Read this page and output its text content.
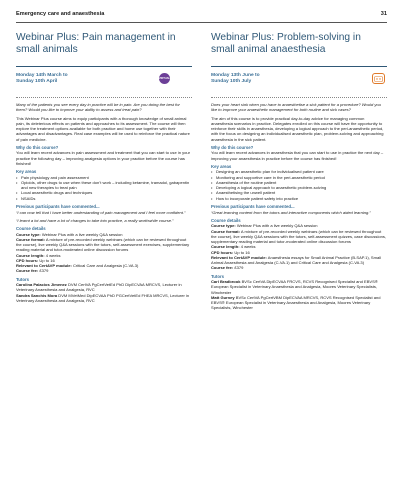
Emergency care and anaesthesia	31
Webinar Plus: Pain management in small animals
Monday 14th March to Sunday 10th April
VIRTUAL

Many of the patients you see every day in practice will be in pain. Are you doing the best for them? Would you like to improve your ability to assess and treat pain?

This Webinar Plus course aims to equip participants with a thorough knowledge of small animal pain, its deleterious effects on patients and approaches to its assessment. The course will then explore the treatment options available for both practice and home use together with their advantages and disadvantages. Real case examples will be used to reinforce the practical nature of pain medicine.

Why do this course?

You will learn recent advances in pain assessment and treatment that you can start to use in your practice the following day – improving analgesia options in your practice before the course has finished!

Key areas
• Pain physiology and pain assessment
• Opioids, other drugs to use when these don’t work – including ketamine, tramadol, gabapentin and new therapies to treat pain
• Local anaesthetic drugs and techniques
• NSAIDs
Previous participants have commented...

“I can now tell that I have better understanding of pain management and I feel more confident.”

“I learnt a lot and have a lot of changes to take into practice, a really worthwhile course.”

Course details

Course type: Webinar Plus with a live weekly Q&A session

Course format: A mixture of pre-recorded weekly webinars (which can be reviewed throughout the course), live weekly Q&A sessions with the tutors, self-assessment exercises, supplementary reading material and tutor-moderated online discussion forums

Course length: 4 weeks

CPD hours: Up to 16

Relevant to CertAVP module: Critical Care and Analgesia (C-VA.3)

Course fee: £379

Tutors

Carolina Palacios Jimenez DVM CertVA PgCertVetEd PhD DipECVAA MRCVS, Lecturer in Veterinary Anaesthesia and Analgesia, RVC

Sandra Sanchis Mora DVM MVetMed DipECVAA PhD PGCertVetEd FHEA MRCVS, Lecturer in Veterinary Anaesthesia and Analgesia, RVC

Webinar Plus: Problem-solving in small animal anaesthesia
Monday 13th June to Sunday 10th July

Does your heart sink when you have to anaesthetise a sick patient for a procedure? Would you like to improve your anaesthetic management for both routine and sick cases?

The aim of this course is to provide practical day-to-day advice for managing common anaesthesia scenarios in practice. Delegates enrolled on this course will have the opportunity to reinforce their skills in anaesthesia, developing a logical approach to the peri-anaesthetic period, with the focus on designing an individualised anaesthetic plan, problem-solving and approaching anaesthesia in the sick patient.

Why do this course?

You will learn recent advances in anaesthesia that you can start to use in practice the next day – improving your anaesthesia in practice before the course has finished!

Key areas
• Designing an anaesthetic plan for individualised patient care
• Monitoring and supportive care in the peri-anaesthetic period
• Anaesthesia of the routine patient
• Developing a logical approach to anaesthetic problem-solving
• Anaesthetising the unwell patient
• How to incorporate patient safety into practice
Previous participants have commented...

“Great learning content from the tutors and interactive components which aided learning.”

Course details

Course type: Webinar Plus with a live weekly Q&A session

Course format: A mixture of pre-recorded weekly webinars (which can be reviewed throughout the course), live weekly Q&A sessions with the tutors, self-assessment quizzes, case discussions, supplementary reading material and tutor-moderated online discussion forums

Course length: 4 weeks

CPD hours: Up to 16

Relevant to CertAVP module: Anaesthesia essays for Small Animal Practice (B-SAP.1), Small Animal Anaesthesia and Analgesia (C-VA.1) and Critical Care and Analgesia (C-VA.3)

Course fee: £379

Tutors

Carl Bradbrook BVSc CertVA DipECVAA FRCVS, RCVS Recognised Specialist and EBVS® European Specialist in Veterinary Anaesthesia and Analgesia, Moores Veterinary Specialists, Winchester

Matt Gurney BVSc CertVA PgCertVBM DipECVAA MRCVS, RCVS Recognised Specialist and EBVS® European Specialist in Veterinary Anaesthesia and Analgesia, Moores Veterinary Specialists, Winchester
